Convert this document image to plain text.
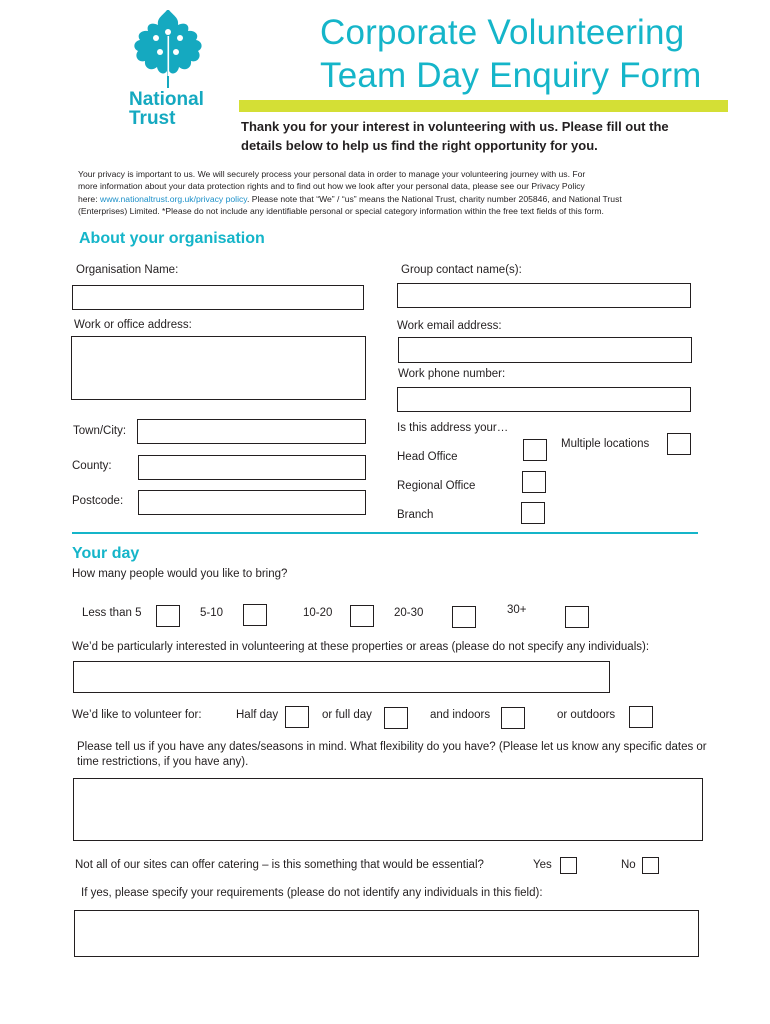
National
Trust
Corporate Volunteering
Team Day Enquiry Form
Thank you for your interest in volunteering with us. Please fill out the
details below to help us find the right opportunity for you.
Your privacy is important to us. We will securely process your personal data in order to manage your volunteering journey with us. For
more information about your data protection rights and to find out how we look after your personal data, please see our Privacy Policy
here: www.nationaltrust.org.uk/privacy policy. Please note that “We” / “us” means the National Trust, charity number 205846, and National Trust
(Enterprises) Limited. *Please do not include any identifiable personal or special category information within the free text fields of this form.
About your organisation
Organisation Name:	Group contact name(s):
Work or office address:	Work email address:
Work phone number:
Town/City:
County:
Postcode:
Is this address your…
Multiple locations
Head Office
Regional Office
Branch
Your day
How many people would you like to bring?
Less than 5	5-10	10-20	20-30	30+
We’d be particularly interested in volunteering at these properties or areas (please do not specify any individuals):
We’d like to volunteer for:	Half day	or full day	and indoors	or outdoors
Please tell us if you have any dates/seasons in mind. What flexibility do you have? (Please let us know any specific dates or
time restrictions, if you have any).
Not all of our sites can offer catering – is this something that would be essential?	Yes	No
If yes, please specify your requirements (please do not identify any individuals in this field):
